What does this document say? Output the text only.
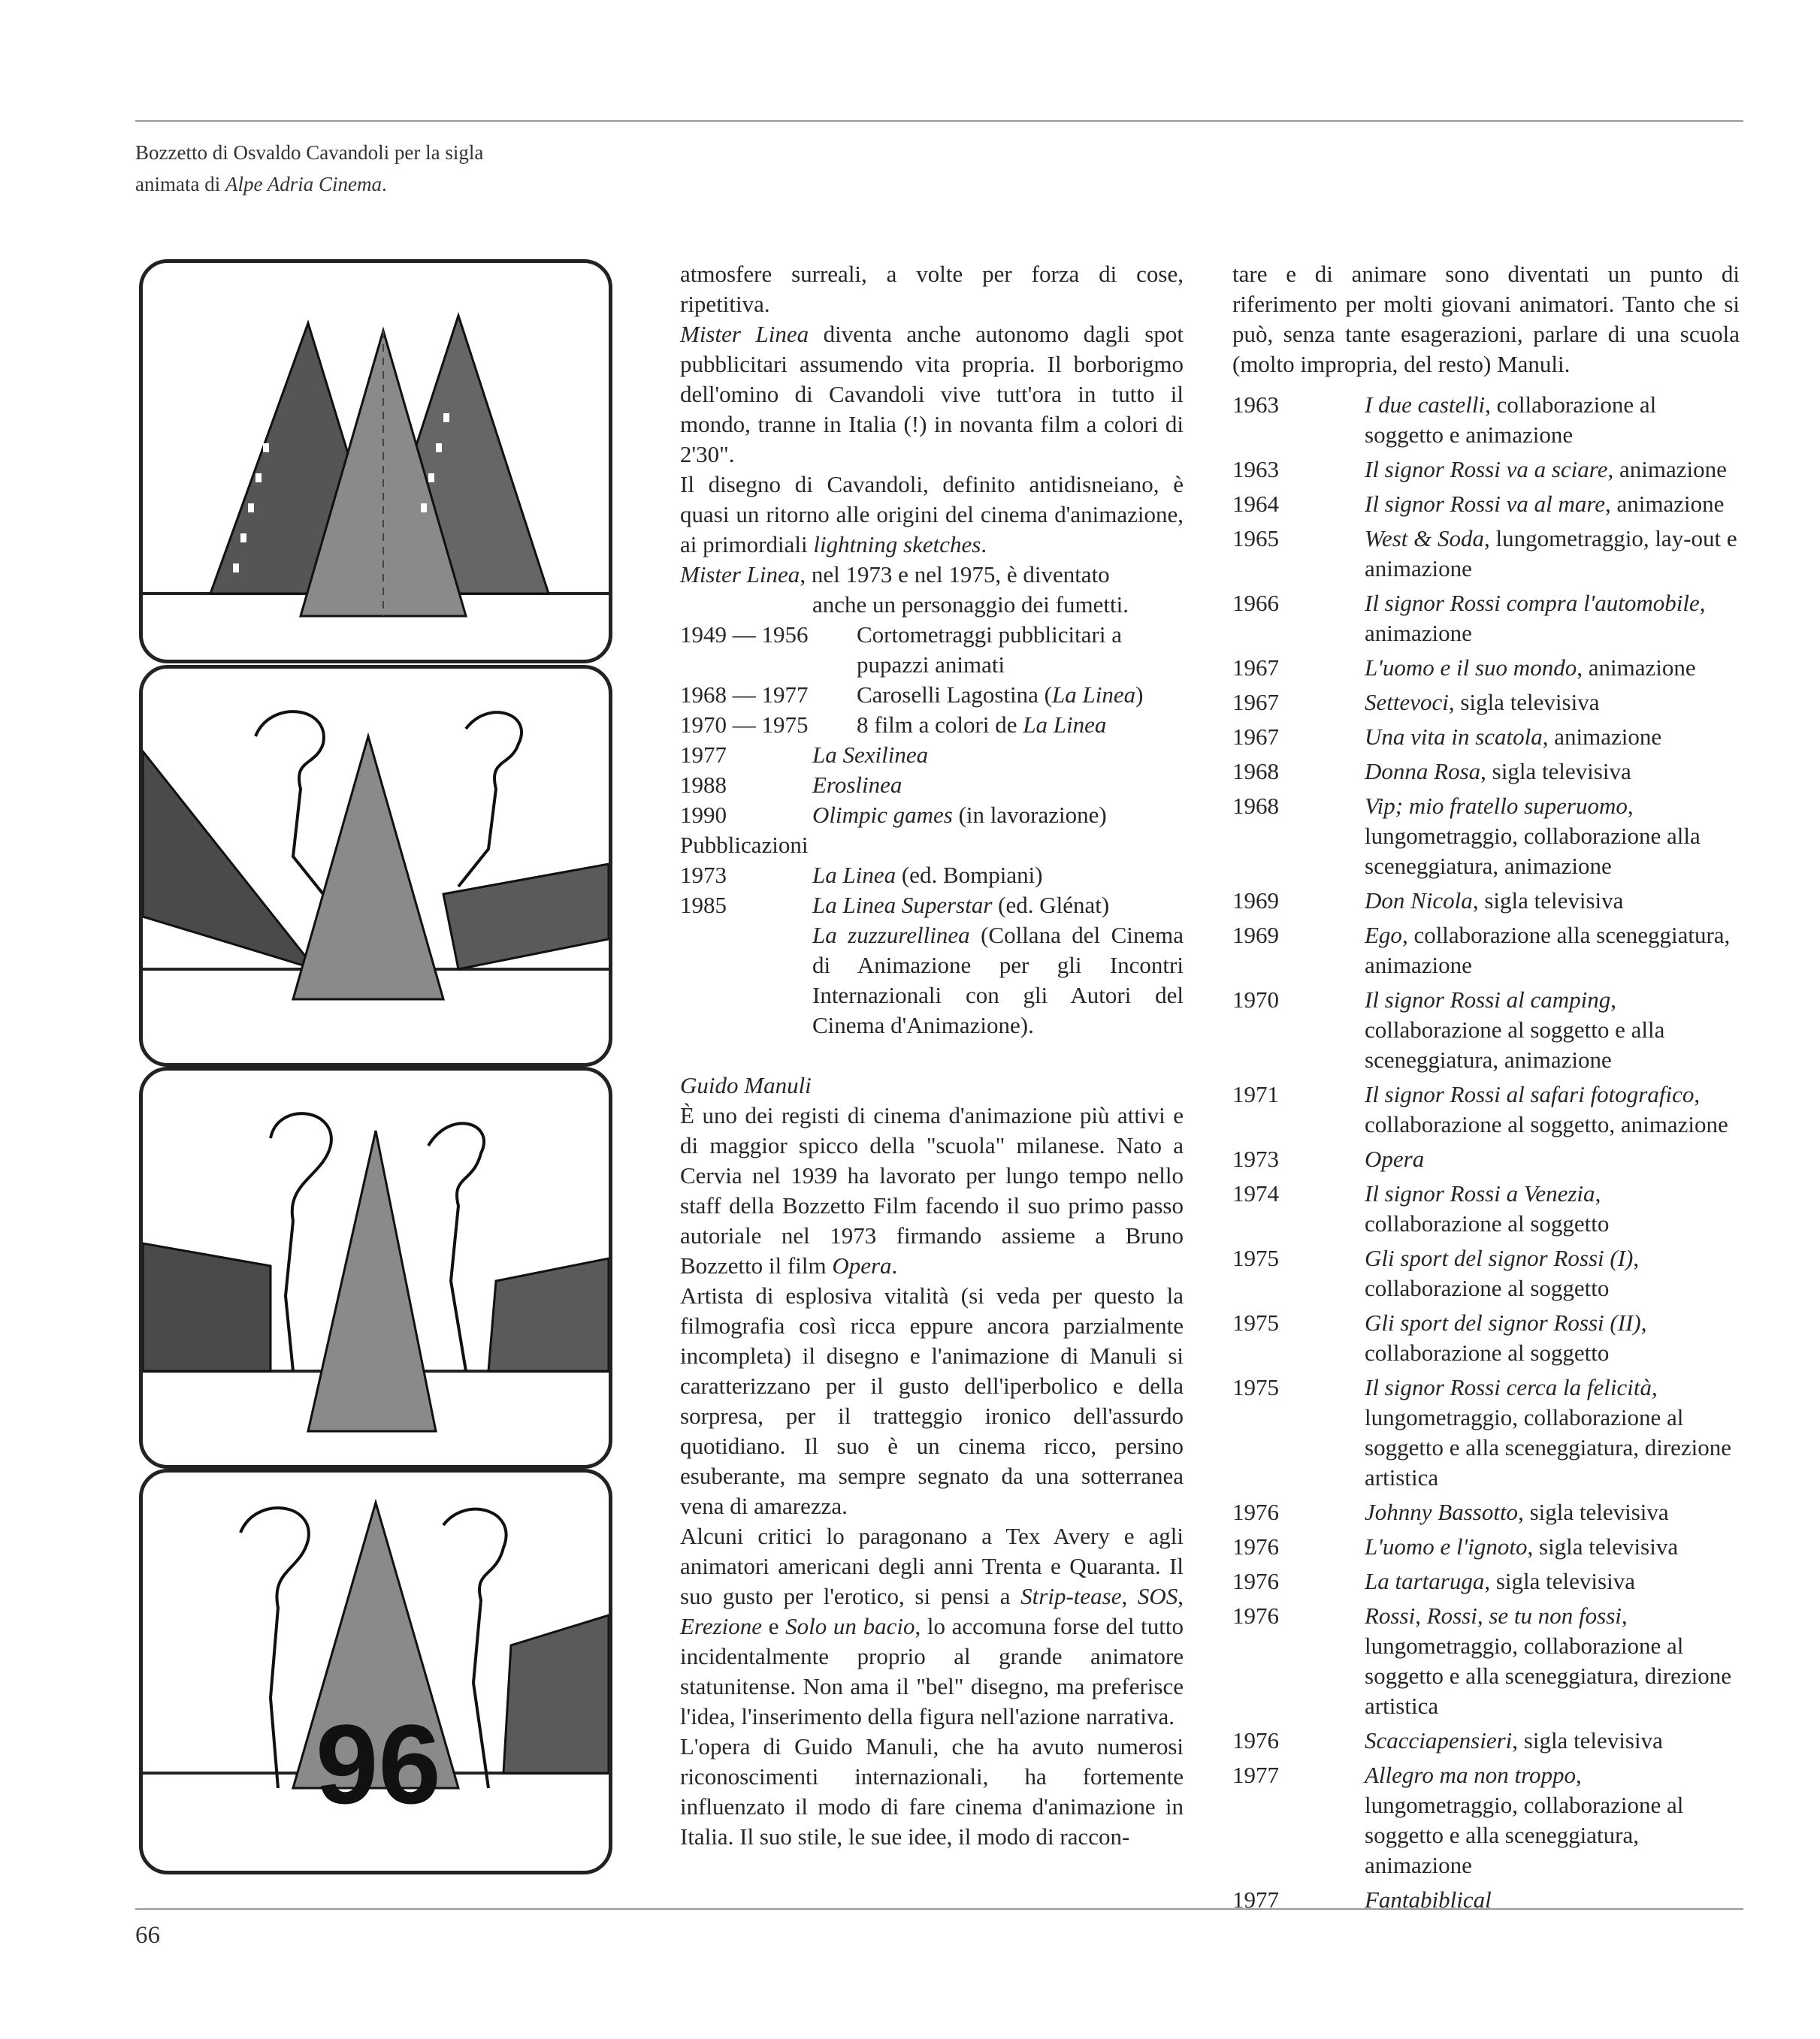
Bozzetto di Osvaldo Cavandoli per la sigla
animata di Alpe Adria Cinema.
96

atmosfere surreali, a volte per forza di cose, ripetitiva.

Mister Linea diventa anche autonomo dagli spot pubblicitari assumendo vita propria. Il borborigmo dell'omino di Cavandoli vive tutt'ora in tutto il mondo, tranne in Italia (!) in novanta film a colori di 2'30".

Il disegno di Cavandoli, definito antidisneiano, è quasi un ritorno alle origini del cinema d'animazione, ai primordiali lightning sketches.

Mister Linea, nel 1973 e nel 1975, è diventato

anche un personaggio dei fumetti.
1949 — 1956	Cortometraggi pubblicitari a pupazzi animati
1968 — 1977	Caroselli Lagostina (La Linea)
1970 — 1975	8 film a colori de La Linea
1977	La Sexilinea
1988	Eroslinea
1990	Olimpic games (in lavorazione)
Pubblicazioni
1973	La Linea (ed. Bompiani)
1985	La Linea Superstar (ed. Glénat)

La zuzzurellinea (Collana del Cinema di Animazione per gli Incontri Internazionali con gli Autori del Cinema d'Animazione).

Guido Manuli

È uno dei registi di cinema d'animazione più attivi e di maggior spicco della "scuola" milanese. Nato a Cervia nel 1939 ha lavorato per lungo tempo nello staff della Bozzetto Film facendo il suo primo passo autoriale nel 1973 firmando assieme a Bruno Bozzetto il film Opera.

Artista di esplosiva vitalità (si veda per questo la filmografia così ricca eppure ancora parzialmente incompleta) il disegno e l'animazione di Manuli si caratterizzano per il gusto dell'iperbolico e della sorpresa, per il tratteggio ironico dell'assurdo quotidiano. Il suo è un cinema ricco, persino esuberante, ma sempre segnato da una sotterranea vena di amarezza.

Alcuni critici lo paragonano a Tex Avery e agli animatori americani degli anni Trenta e Quaranta. Il suo gusto per l'erotico, si pensi a Strip-tease, SOS, Erezione e Solo un bacio, lo accomuna forse del tutto incidentalmente proprio al grande animatore statunitense. Non ama il "bel" disegno, ma preferisce l'idea, l'inserimento della figura nell'azione narrativa.

L'opera di Guido Manuli, che ha avuto numerosi riconoscimenti internazionali, ha fortemente influenzato il modo di fare cinema d'animazione in Italia. Il suo stile, le sue idee, il modo di raccon-

tare e di animare sono diventati un punto di riferimento per molti giovani animatori. Tanto che si può, senza tante esagerazioni, parlare di una scuola (molto impropria, del resto) Manuli.

1963	I due castelli, collaborazione al soggetto e animazione
1963	Il signor Rossi va a sciare, animazione
1964	Il signor Rossi va al mare, animazione
1965	West & Soda, lungometraggio, lay-out e animazione
1966	Il signor Rossi compra l'automobile, animazione
1967	L'uomo e il suo mondo, animazione
1967	Settevoci, sigla televisiva
1967	Una vita in scatola, animazione
1968	Donna Rosa, sigla televisiva
1968	Vip; mio fratello superuomo, lungometraggio, collaborazione alla sceneggiatura, animazione
1969	Don Nicola, sigla televisiva
1969	Ego, collaborazione alla sceneggiatura, animazione
1970	Il signor Rossi al camping, collaborazione al soggetto e alla sceneggiatura, animazione
1971	Il signor Rossi al safari fotografico, collaborazione al soggetto, animazione
1973	Opera
1974	Il signor Rossi a Venezia, collaborazione al soggetto
1975	Gli sport del signor Rossi (I), collaborazione al soggetto
1975	Gli sport del signor Rossi (II), collaborazione al soggetto
1975	Il signor Rossi cerca la felicità, lungometraggio, collaborazione al soggetto e alla sceneggiatura, direzione artistica
1976	Johnny Bassotto, sigla televisiva
1976	L'uomo e l'ignoto, sigla televisiva
1976	La tartaruga, sigla televisiva
1976	Rossi, Rossi, se tu non fossi, lungometraggio, collaborazione al soggetto e alla sceneggiatura, direzione artistica
1976	Scacciapensieri, sigla televisiva
1977	Allegro ma non troppo, lungometraggio, collaborazione al soggetto e alla sceneggiatura, animazione
1977	Fantabiblical
66
